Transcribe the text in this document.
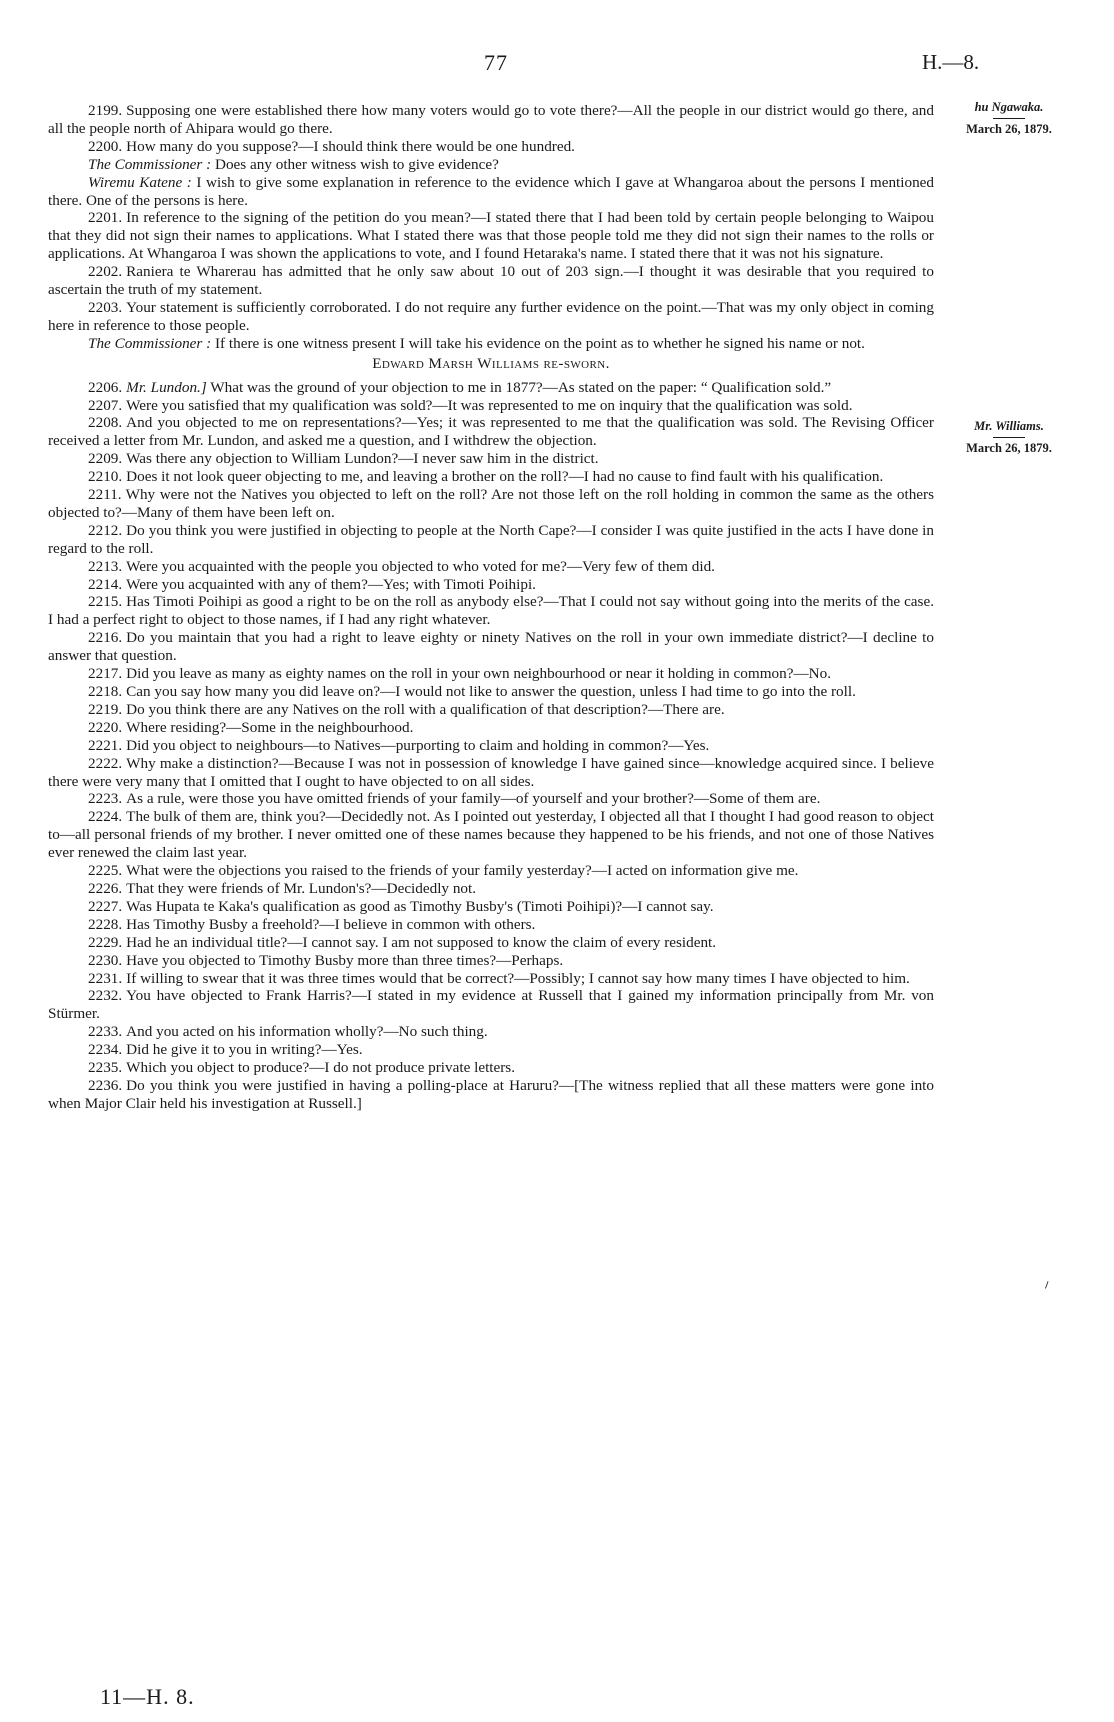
77	H.—8.
hu Ngawaka.
March 26, 1879.
Mr. Williams.
March 26, 1879.
⸝

2199. Supposing one were established there how many voters would go to vote there?—All the people in our district would go there, and all the people north of Ahipara would go there.

2200. How many do you suppose?—I should think there would be one hundred.

The Commissioner : Does any other witness wish to give evidence?

Wiremu Katene : I wish to give some explanation in reference to the evidence which I gave at Whangaroa about the persons I mentioned there. One of the persons is here.

2201. In reference to the signing of the petition do you mean?—I stated there that I had been told by certain people belonging to Waipou that they did not sign their names to applications. What I stated there was that those people told me they did not sign their names to the rolls or applications. At Whangaroa I was shown the applications to vote, and I found Hetaraka's name. I stated there that it was not his signature.

2202. Raniera te Wharerau has admitted that he only saw about 10 out of 203 sign.—I thought it was desirable that you required to ascertain the truth of my statement.

2203. Your statement is sufficiently corroborated. I do not require any further evidence on the point.—That was my only object in coming here in reference to those people.

The Commissioner : If there is one witness present I will take his evidence on the point as to whether he signed his name or not.

Edward Marsh Williams re-sworn.

2206. Mr. Lundon.] What was the ground of your objection to me in 1877?—As stated on the paper: “ Qualification sold.”

2207. Were you satisfied that my qualification was sold?—It was represented to me on inquiry that the qualification was sold.

2208. And you objected to me on representations?—Yes; it was represented to me that the qualification was sold. The Revising Officer received a letter from Mr. Lundon, and asked me a question, and I withdrew the objection.

2209. Was there any objection to William Lundon?—I never saw him in the district.

2210. Does it not look queer objecting to me, and leaving a brother on the roll?—I had no cause to find fault with his qualification.

2211. Why were not the Natives you objected to left on the roll? Are not those left on the roll holding in common the same as the others objected to?—Many of them have been left on.

2212. Do you think you were justified in objecting to people at the North Cape?—I consider I was quite justified in the acts I have done in regard to the roll.

2213. Were you acquainted with the people you objected to who voted for me?—Very few of them did.

2214. Were you acquainted with any of them?—Yes; with Timoti Poihipi.

2215. Has Timoti Poihipi as good a right to be on the roll as anybody else?—That I could not say without going into the merits of the case. I had a perfect right to object to those names, if I had any right whatever.

2216. Do you maintain that you had a right to leave eighty or ninety Natives on the roll in your own immediate district?—I decline to answer that question.

2217. Did you leave as many as eighty names on the roll in your own neighbourhood or near it holding in common?—No.

2218. Can you say how many you did leave on?—I would not like to answer the question, unless I had time to go into the roll.

2219. Do you think there are any Natives on the roll with a qualification of that description?—There are.

2220. Where residing?—Some in the neighbourhood.

2221. Did you object to neighbours—to Natives—purporting to claim and holding in common?—Yes.

2222. Why make a distinction?—Because I was not in possession of knowledge I have gained since—knowledge acquired since. I believe there were very many that I omitted that I ought to have objected to on all sides.

2223. As a rule, were those you have omitted friends of your family—of yourself and your brother?—Some of them are.

2224. The bulk of them are, think you?—Decidedly not. As I pointed out yesterday, I objected all that I thought I had good reason to object to—all personal friends of my brother. I never omitted one of these names because they happened to be his friends, and not one of those Natives ever renewed the claim last year.

2225. What were the objections you raised to the friends of your family yesterday?—I acted on information give me.

2226. That they were friends of Mr. Lundon's?—Decidedly not.

2227. Was Hupata te Kaka's qualification as good as Timothy Busby's (Timoti Poihipi)?—I cannot say.

2228. Has Timothy Busby a freehold?—I believe in common with others.

2229. Had he an individual title?—I cannot say. I am not supposed to know the claim of every resident.

2230. Have you objected to Timothy Busby more than three times?—Perhaps.

2231. If willing to swear that it was three times would that be correct?—Possibly; I cannot say how many times I have objected to him.

2232. You have objected to Frank Harris?—I stated in my evidence at Russell that I gained my information principally from Mr. von Stürmer.

2233. And you acted on his information wholly?—No such thing.

2234. Did he give it to you in writing?—Yes.

2235. Which you object to produce?—I do not produce private letters.

2236. Do you think you were justified in having a polling-place at Haruru?—[The witness replied that all these matters were gone into when Major Clair held his investigation at Russell.]

11—H. 8.
